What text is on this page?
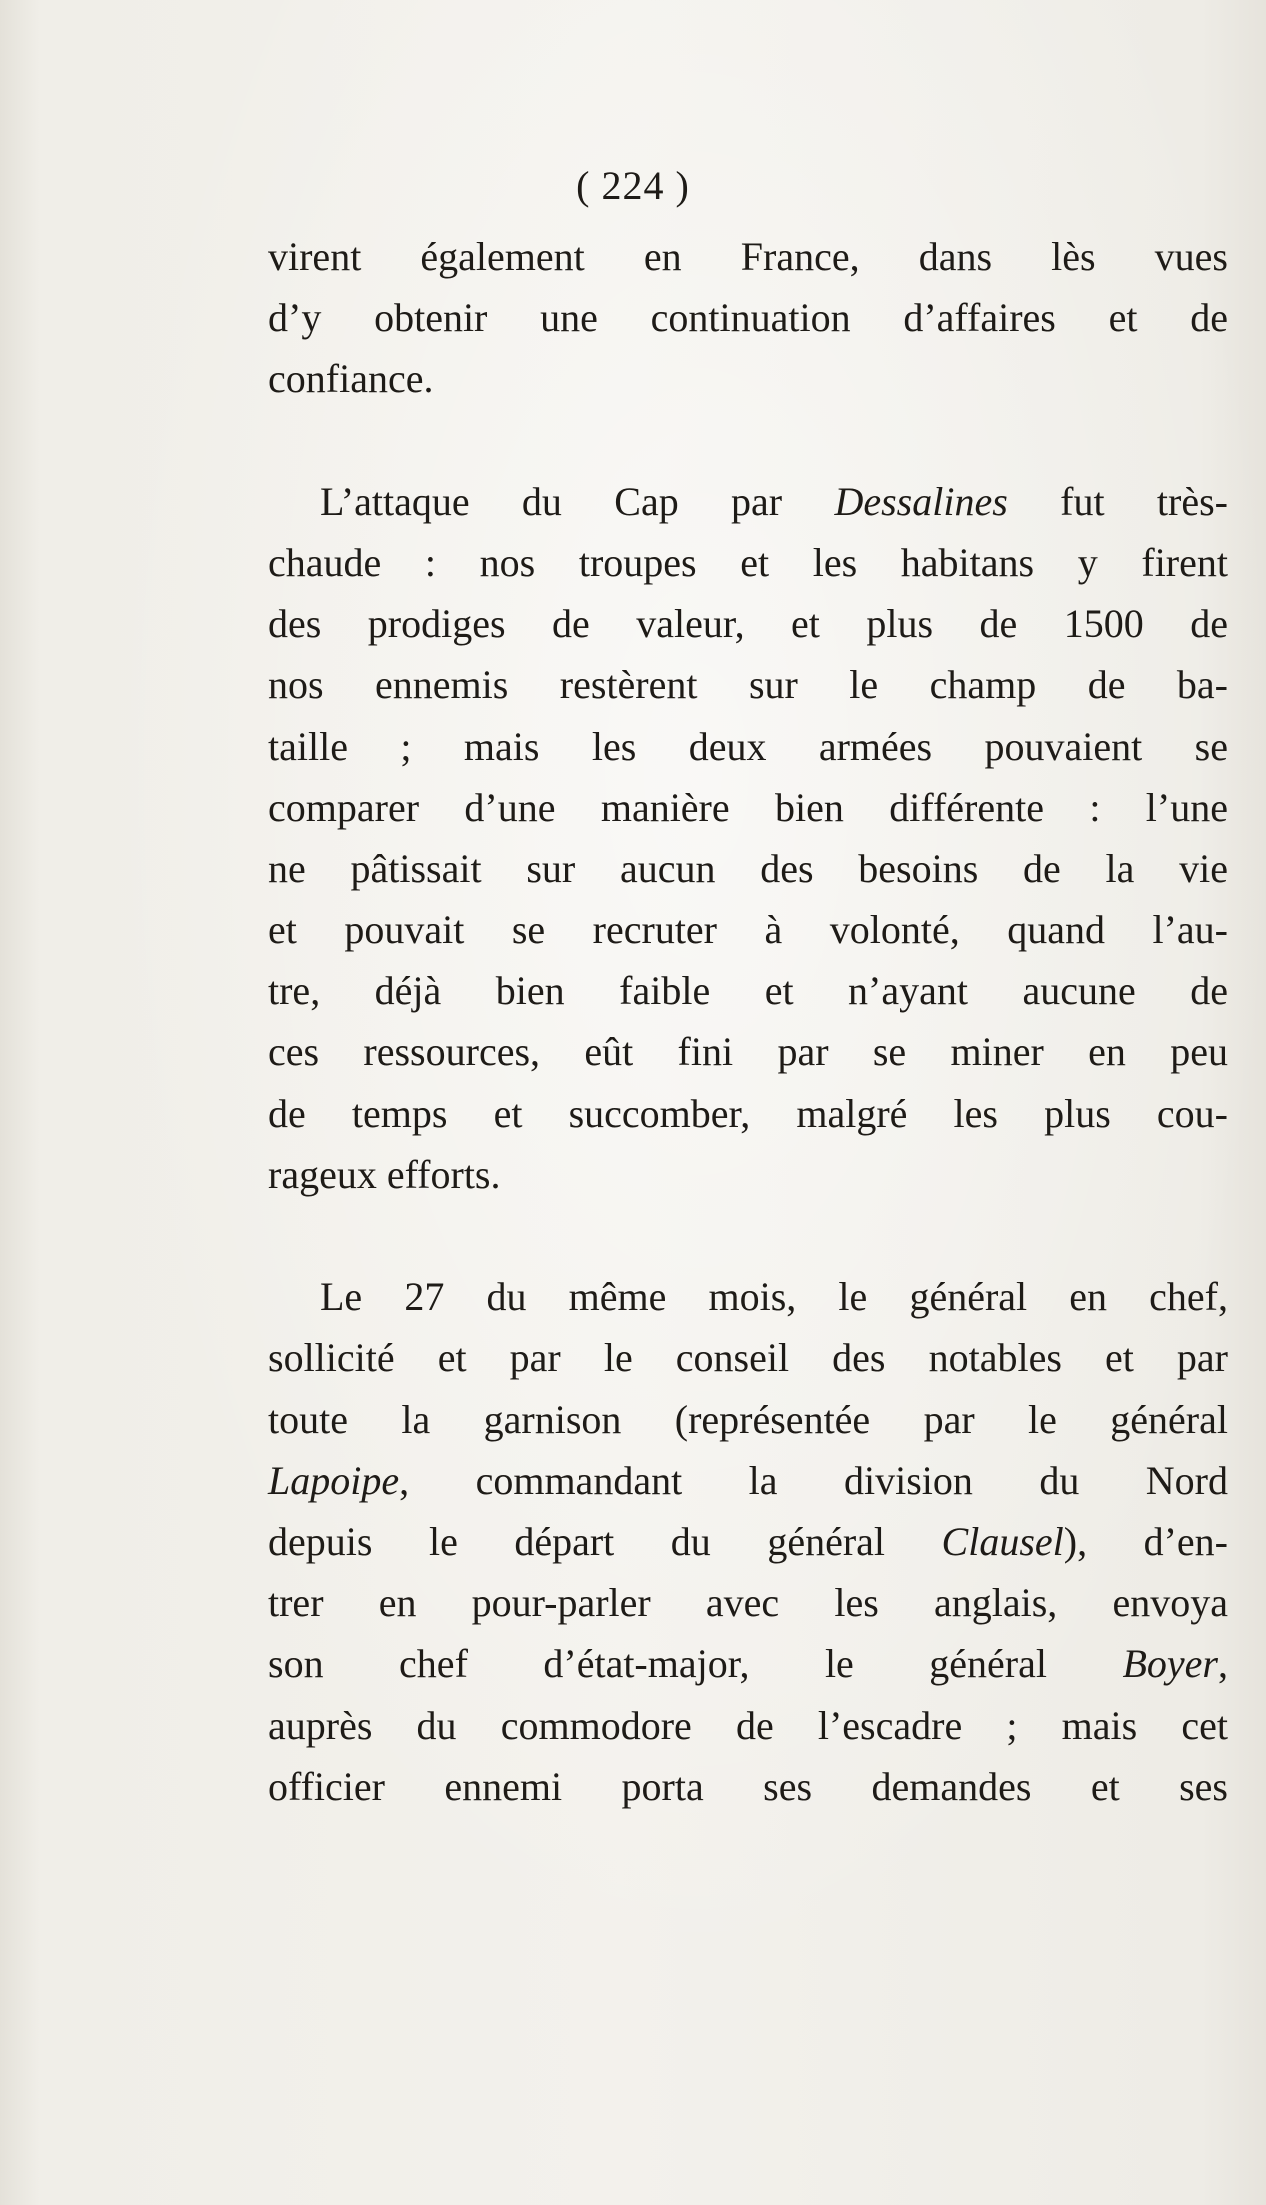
( 224 )
virent également en France, dans lès vues
d’y obtenir une continuation d’affaires et de
confiance.
L’attaque du Cap par Dessalines fut très-
chaude : nos troupes et les habitans y firent
des prodiges de valeur, et plus de 1500 de
nos ennemis restèrent sur le champ de ba-
taille ; mais les deux armées pouvaient se
comparer d’une manière bien différente : l’une
ne pâtissait sur aucun des besoins de la vie
et pouvait se recruter à volonté, quand l’au-
tre, déjà bien faible et n’ayant aucune de
ces ressources, eût fini par se miner en peu
de temps et succomber, malgré les plus cou-
rageux efforts.
Le 27 du même mois, le général en chef,
sollicité et par le conseil des notables et par
toute la garnison (représentée par le général
Lapoipe, commandant la division du Nord
depuis le départ du général Clausel), d’en-
trer en pour-parler avec les anglais, envoya
son chef d’état-major, le général Boyer,
auprès du commodore de l’escadre ; mais cet
officier ennemi porta ses demandes et ses
